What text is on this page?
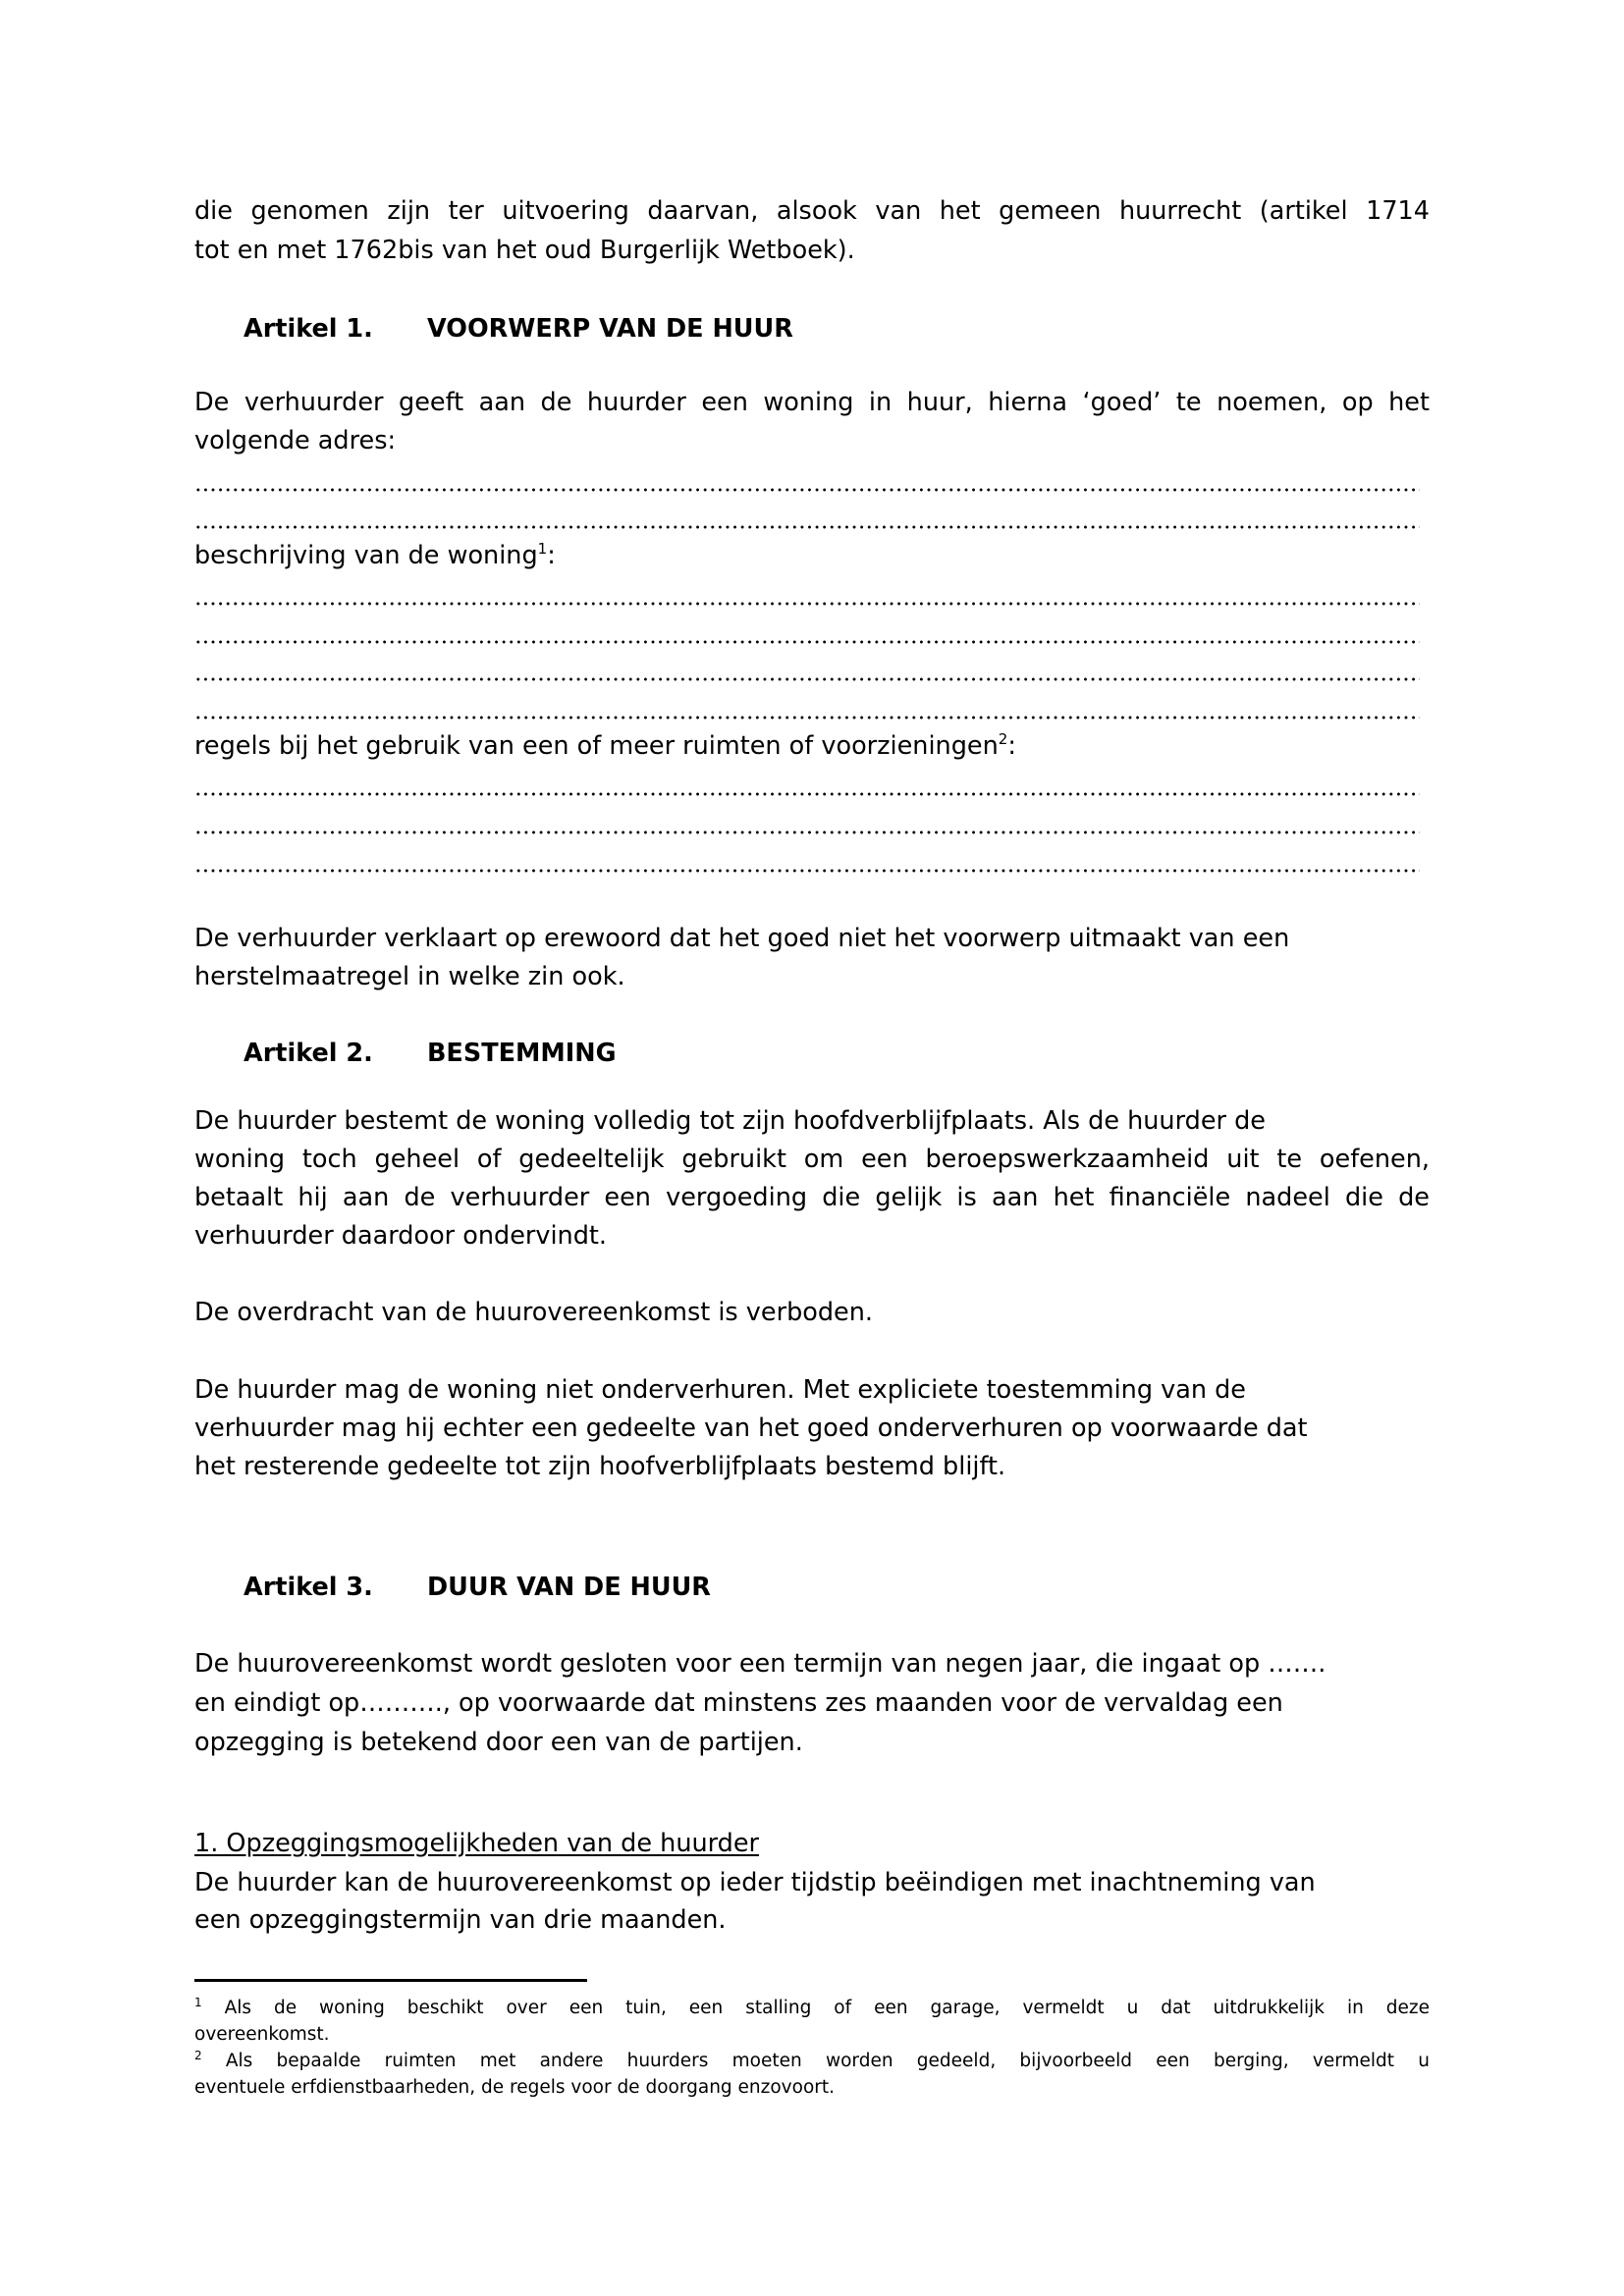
die genomen zijn ter uitvoering daarvan, alsook van het gemeen huurrecht (artikel 1714
tot en met 1762bis van het oud Burgerlijk Wetboek).
Artikel 1. VOORWERP VAN DE HUUR
De verhuurder geeft aan de huurder een woning in huur, hierna ‘goed’ te noemen, op het
volgende adres:
beschrijving van de woning$^1$:
regels bij het gebruik van een of meer ruimten of voorzieningen$^2$:
De verhuurder verklaart op erewoord dat het goed niet het voorwerp uitmaakt van een
herstelmaatregel in welke zin ook.
Artikel 2. BESTEMMING
De huurder bestemt de woning volledig tot zijn hoofdverblijfplaats. Als de huurder de
woning toch geheel of gedeeltelijk gebruikt om een beroepswerkzaamheid uit te oefenen,
betaalt hij aan de verhuurder een vergoeding die gelijk is aan het financiële nadeel die de
verhuurder daardoor ondervindt.
De overdracht van de huurovereenkomst is verboden.
De huurder mag de woning niet onderverhuren. Met expliciete toestemming van de
verhuurder mag hij echter een gedeelte van het goed onderverhuren op voorwaarde dat
het resterende gedeelte tot zijn hoofverblijfplaats bestemd blijft.
Artikel 3. DUUR VAN DE HUUR
De huurovereenkomst wordt gesloten voor een termijn van negen jaar, die ingaat op …….
en eindigt op………., op voorwaarde dat minstens zes maanden voor de vervaldag een
opzegging is betekend door een van de partijen.
1. Opzeggingsmogelijkheden van de huurder
De huurder kan de huurovereenkomst op ieder tijdstip beëindigen met inachtneming van
een opzeggingstermijn van drie maanden.
$^1$ Als de woning beschikt over een tuin, een stalling of een garage, vermeldt u dat uitdrukkelijk in deze
overeenkomst.
$^2$ Als bepaalde ruimten met andere huurders moeten worden gedeeld, bijvoorbeeld een berging, vermeldt u
eventuele erfdienstbaarheden, de regels voor de doorgang enzovoort.
